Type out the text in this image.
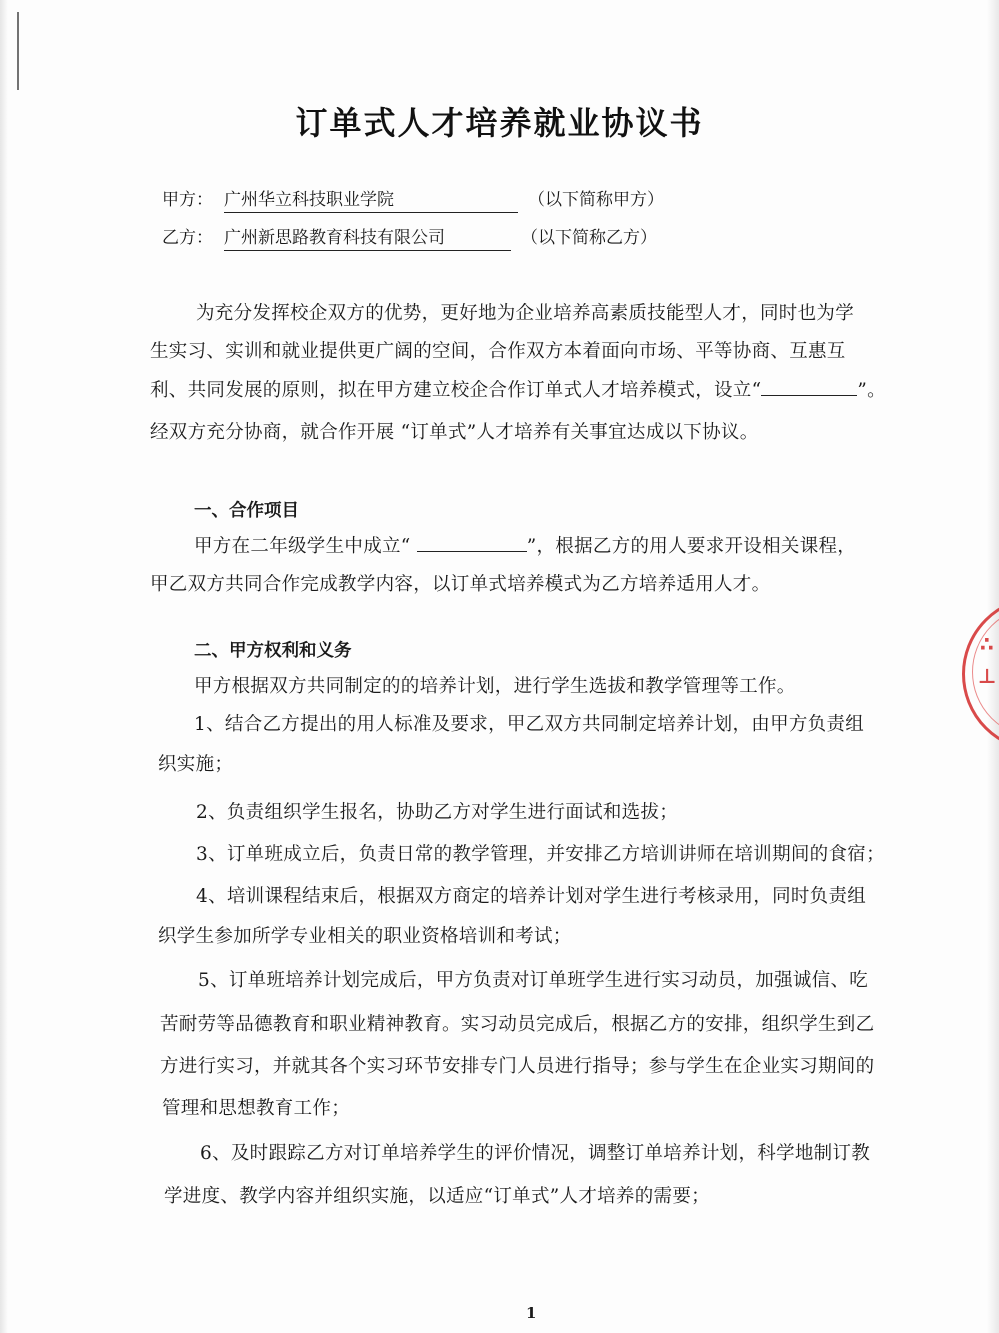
订单式人才培养就业协议书
甲方： 广州华立科技职业学院	（以下简称甲方）
乙方： 广州新思路教育科技有限公司	（以下简称乙方）
为充分发挥校企双方的优势，更好地为企业培养高素质技能型人才，同时也为学
生实习、实训和就业提供更广阔的空间，合作双方本着面向市场、平等协商、互惠互
利、共同发展的原则，拟在甲方建立校企合作订单式人才培养模式，设立“	”。
经双方充分协商，就合作开展 “订单式”人才培养有关事宜达成以下协议。
一、合作项目
甲方在二年级学生中成立“	”，根据乙方的用人要求开设相关课程，
甲乙双方共同合作完成教学内容，以订单式培养模式为乙方培养适用人才。
二、甲方权利和义务
甲方根据双方共同制定的的培养计划，进行学生选拔和教学管理等工作。
1、结合乙方提出的用人标准及要求，甲乙双方共同制定培养计划，由甲方负责组
织实施；
2、负责组织学生报名，协助乙方对学生进行面试和选拔；
3、订单班成立后，负责日常的教学管理，并安排乙方培训讲师在培训期间的食宿；
4、培训课程结束后，根据双方商定的培养计划对学生进行考核录用，同时负责组
织学生参加所学专业相关的职业资格培训和考试；
5、订单班培养计划完成后，甲方负责对订单班学生进行实习动员，加强诚信、吃
苦耐劳等品德教育和职业精神教育。实习动员完成后，根据乙方的安排，组织学生到乙
方进行实习，并就其各个实习环节安排专门人员进行指导；参与学生在企业实习期间的
管理和思想教育工作；
6、及时跟踪乙方对订单培养学生的评价情况，调整订单培养计划，科学地制订教
学进度、教学内容并组织实施，以适应“订单式”人才培养的需要；
1
∴
⊥
